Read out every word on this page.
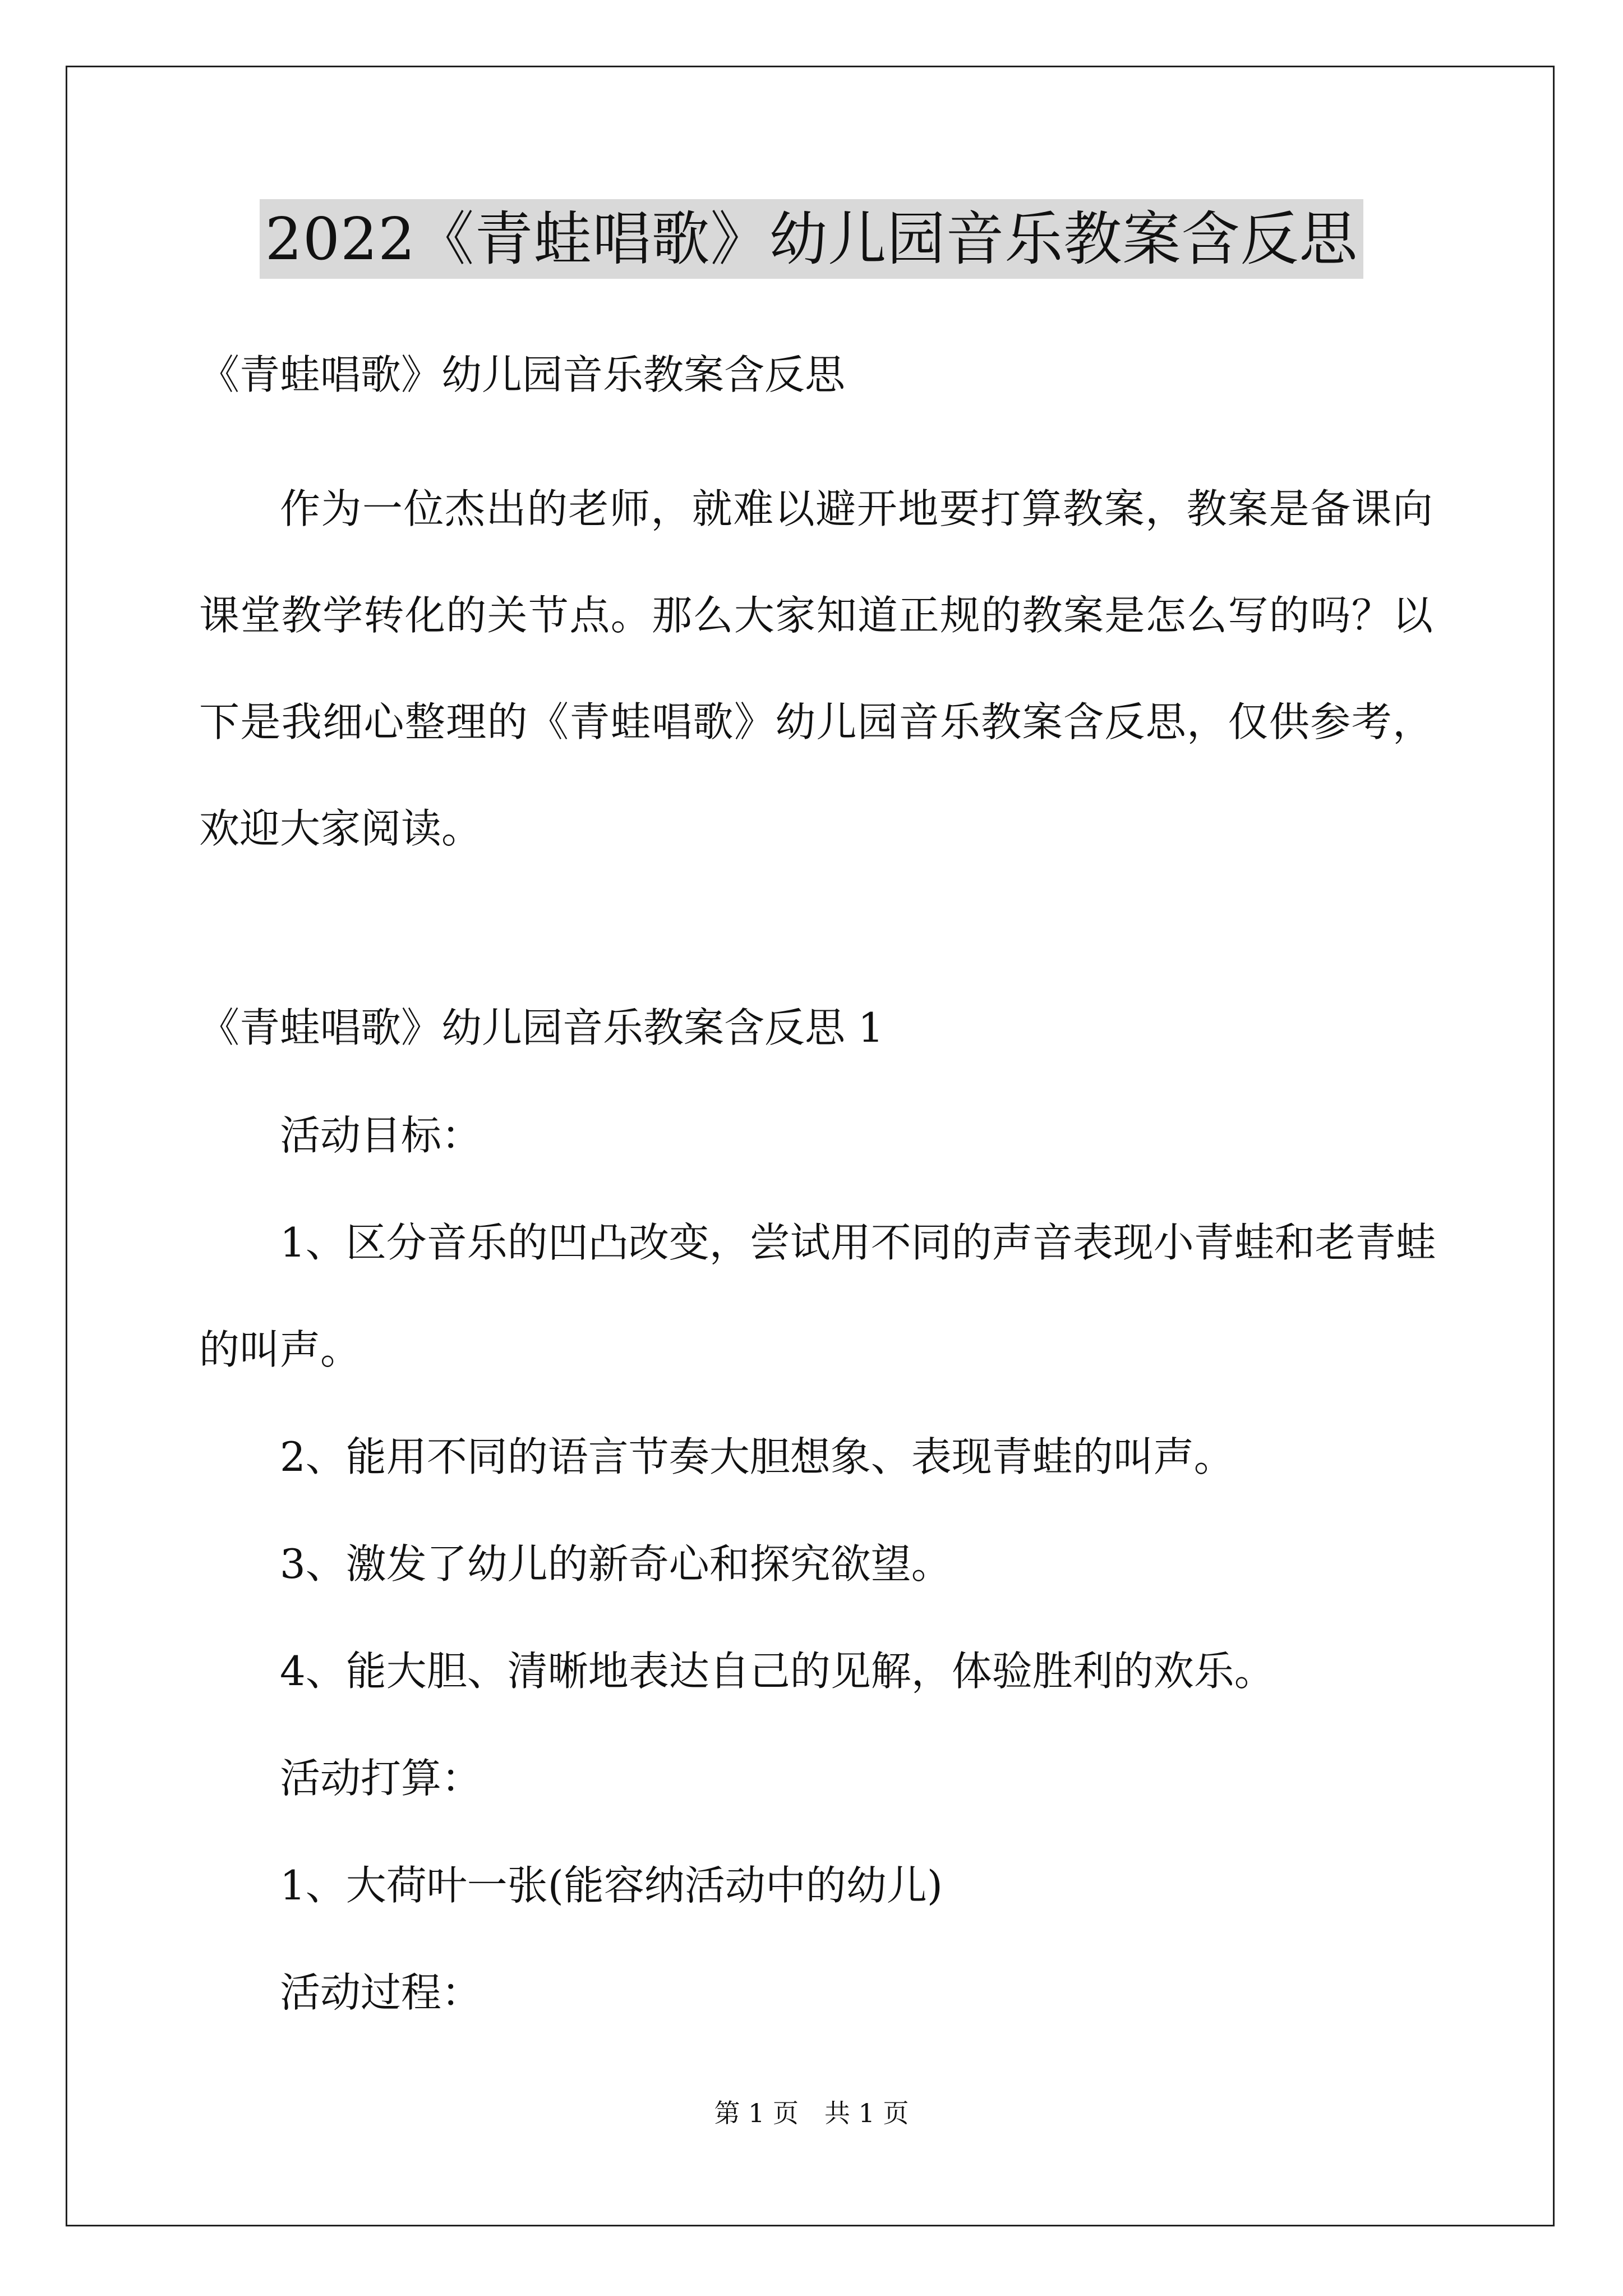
2022《青蛙唱歌》幼儿园音乐教案含反思
《青蛙唱歌》幼儿园音乐教案含反思

作为一位杰出的老师，就难以避开地要打算教案，教案是备课向课堂教学转化的关节点。那么大家知道正规的教案是怎么写的吗？以下是我细心整理的《青蛙唱歌》幼儿园音乐教案含反思，仅供参考，欢迎大家阅读。

《青蛙唱歌》幼儿园音乐教案含反思 1
活动目标：
1、区分音乐的凹凸改变，尝试用不同的声音表现小青蛙和老青蛙
的叫声。
2、能用不同的语言节奏大胆想象、表现青蛙的叫声。
3、激发了幼儿的新奇心和探究欲望。
4、能大胆、清晰地表达自己的见解，体验胜利的欢乐。
活动打算：
1、大荷叶一张(能容纳活动中的幼儿)
活动过程：
第 1 页　共 1 页
